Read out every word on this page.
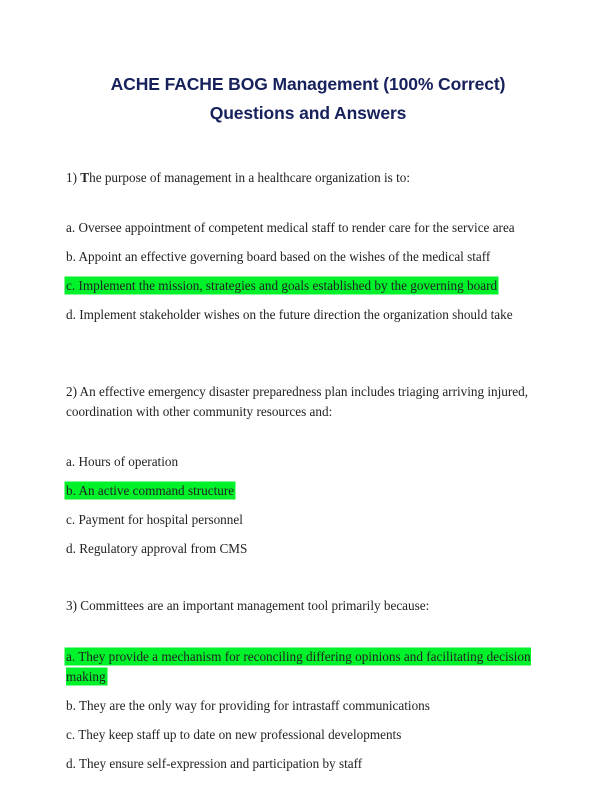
ACHE FACHE BOG Management (100% Correct)
Questions and Answers

1) The purpose of management in a healthcare organization is to:

a. Oversee appointment of competent medical staff to render care for the service area
b. Appoint an effective governing board based on the wishes of the medical staff
c. Implement the mission, strategies and goals established by the governing board
d. Implement stakeholder wishes on the future direction the organization should take

2) An effective emergency disaster preparedness plan includes triaging arriving injured, coordination with other community resources and:

a. Hours of operation
b. An active command structure
c. Payment for hospital personnel
d. Regulatory approval from CMS

3) Committees are an important management tool primarily because:

a. They provide a mechanism for reconciling differing opinions and facilitating decision making
b. They are the only way for providing for intrastaff communications
c. They keep staff up to date on new professional developments
d. They ensure self-expression and participation by staff
